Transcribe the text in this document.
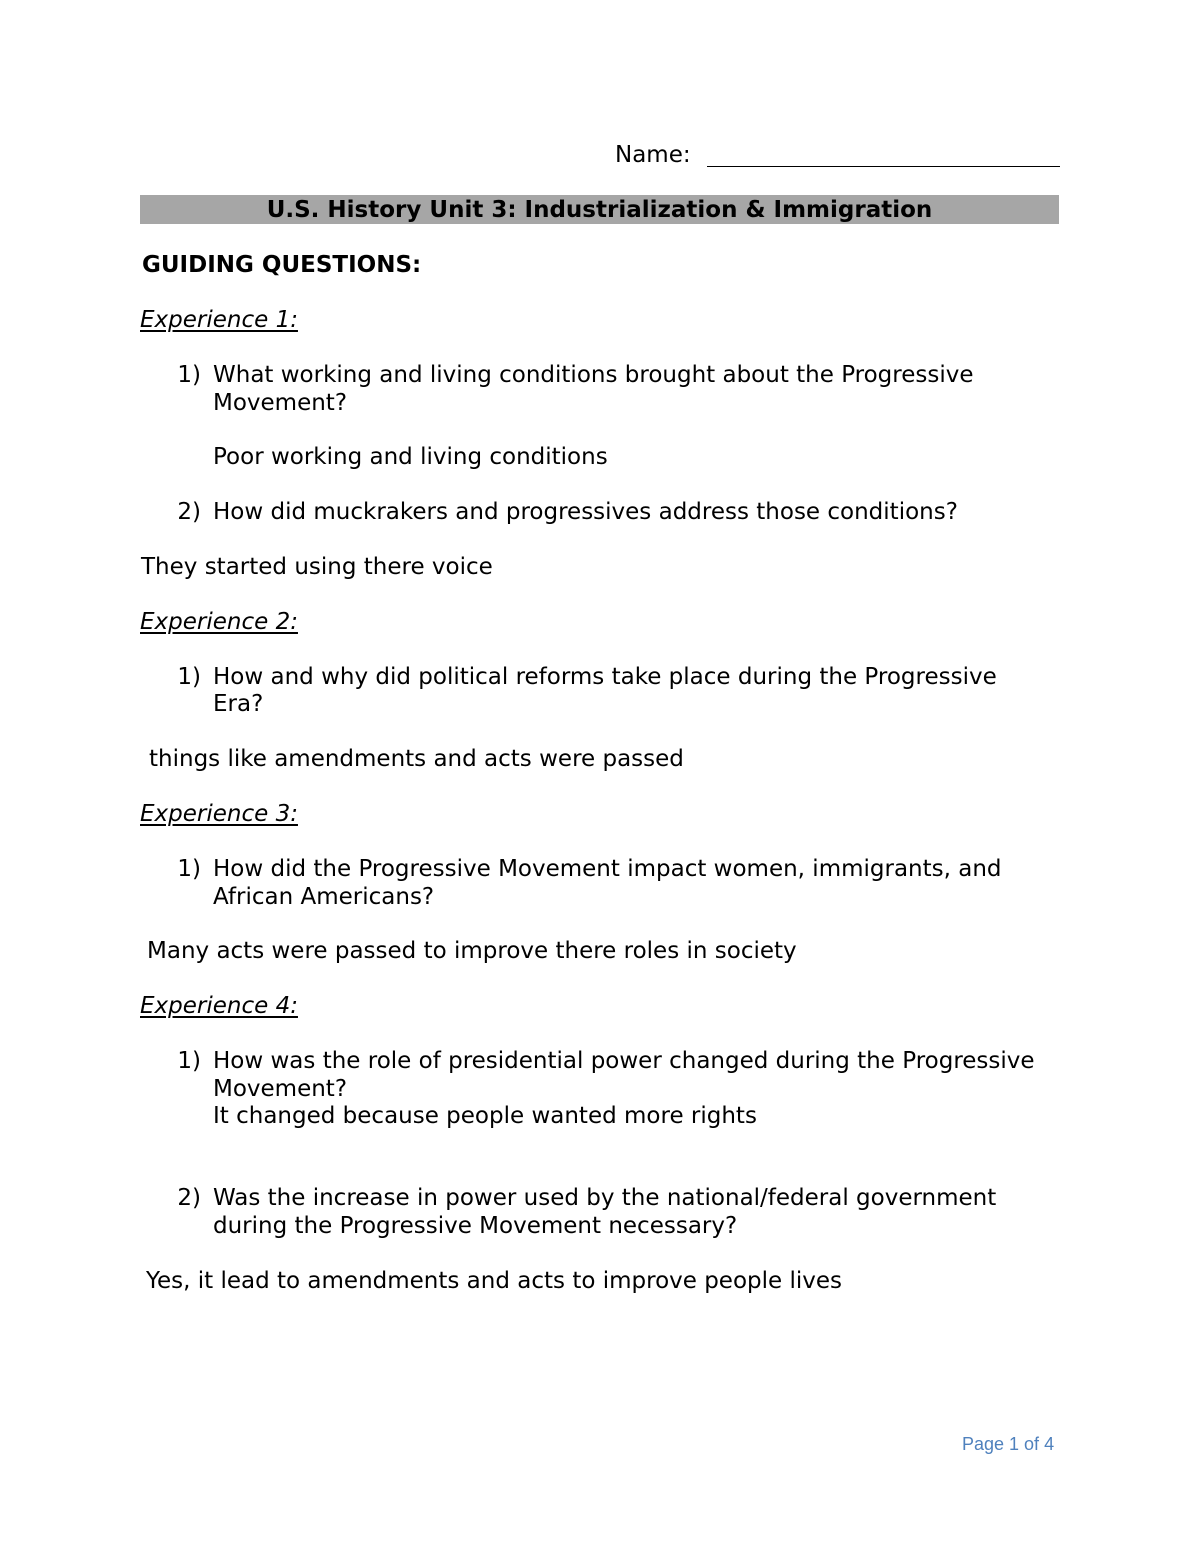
Name:
U.S. History Unit 3: Industrialization & Immigration
GUIDING QUESTIONS:
Experience 1:
1) What working and living conditions brought about the Progressive
Movement?
Poor working and living conditions
2) How did muckrakers and progressives address those conditions?
They started using there voice
Experience 2:
1) How and why did political reforms take place during the Progressive
Era?
things like amendments and acts were passed
Experience 3:
1) How did the Progressive Movement impact women, immigrants, and
African Americans?
Many acts were passed to improve there roles in society
Experience 4:
1) How was the role of presidential power changed during the Progressive
Movement?
It changed because people wanted more rights
2) Was the increase in power used by the national/federal government
during the Progressive Movement necessary?
Yes, it lead to amendments and acts to improve people lives
Page 1 of 4
